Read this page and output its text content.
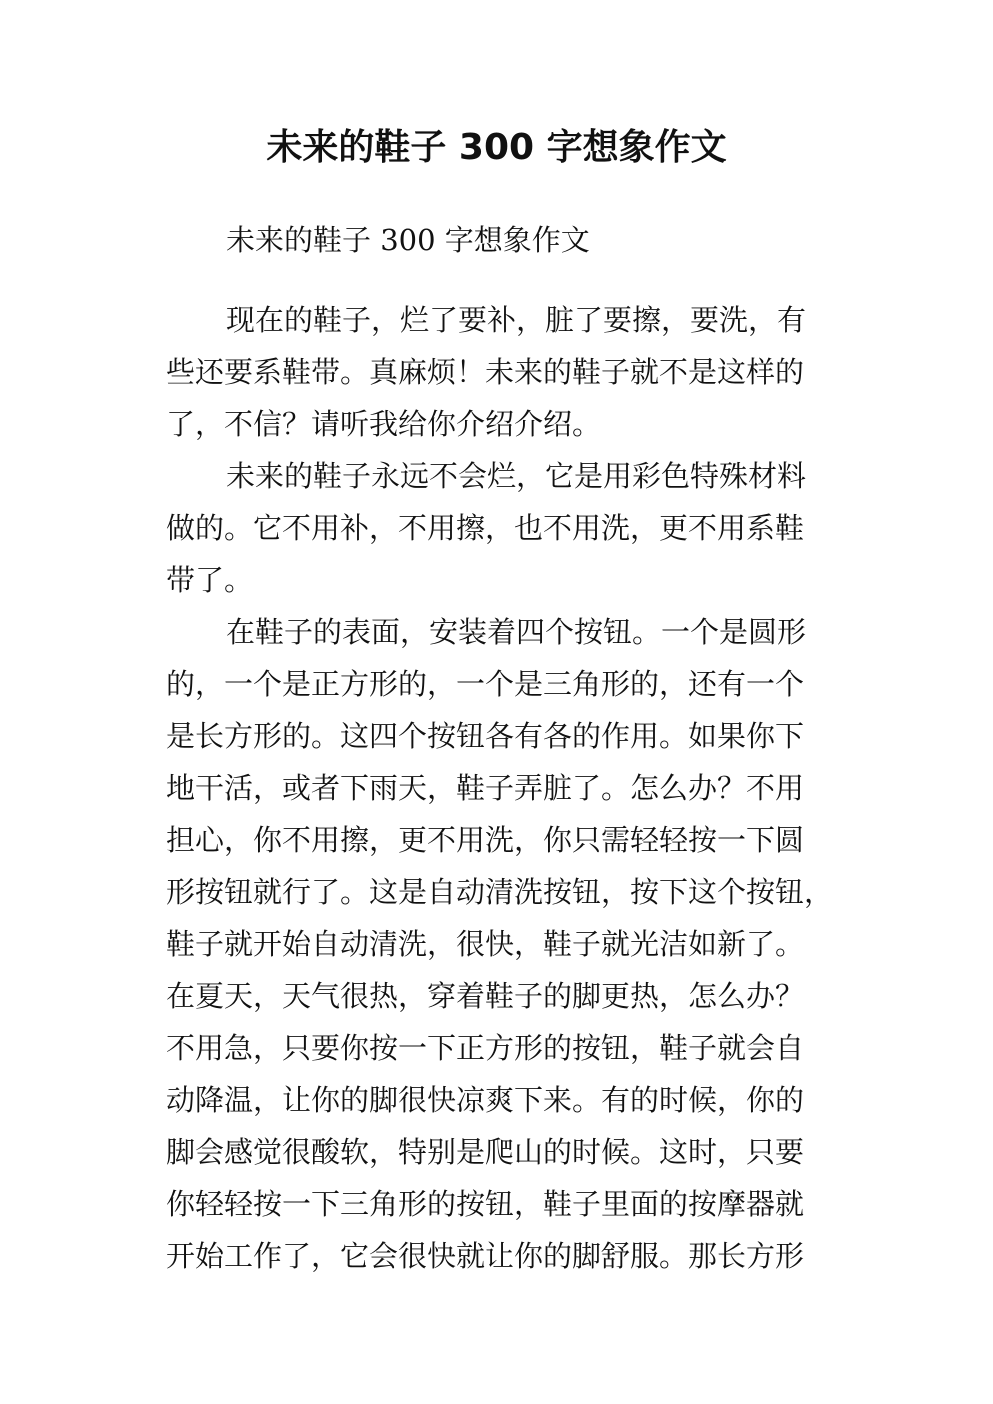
未来的鞋子 300 字想象作文
未来的鞋子 300 字想象作文
现在的鞋子，烂了要补，脏了要擦，要洗，有
些还要系鞋带。真麻烦！未来的鞋子就不是这样的
了，不信？请听我给你介绍介绍。
未来的鞋子永远不会烂，它是用彩色特殊材料
做的。它不用补，不用擦，也不用洗，更不用系鞋
带了。
在鞋子的表面，安装着四个按钮。一个是圆形
的，一个是正方形的，一个是三角形的，还有一个
是长方形的。这四个按钮各有各的作用。如果你下
地干活，或者下雨天，鞋子弄脏了。怎么办？不用
担心，你不用擦，更不用洗，你只需轻轻按一下圆
形按钮就行了。这是自动清洗按钮，按下这个按钮，
鞋子就开始自动清洗，很快，鞋子就光洁如新了。
在夏天，天气很热，穿着鞋子的脚更热，怎么办？
不用急，只要你按一下正方形的按钮，鞋子就会自
动降温，让你的脚很快凉爽下来。有的时候，你的
脚会感觉很酸软，特别是爬山的时候。这时，只要
你轻轻按一下三角形的按钮，鞋子里面的按摩器就
开始工作了，它会很快就让你的脚舒服。那长方形
